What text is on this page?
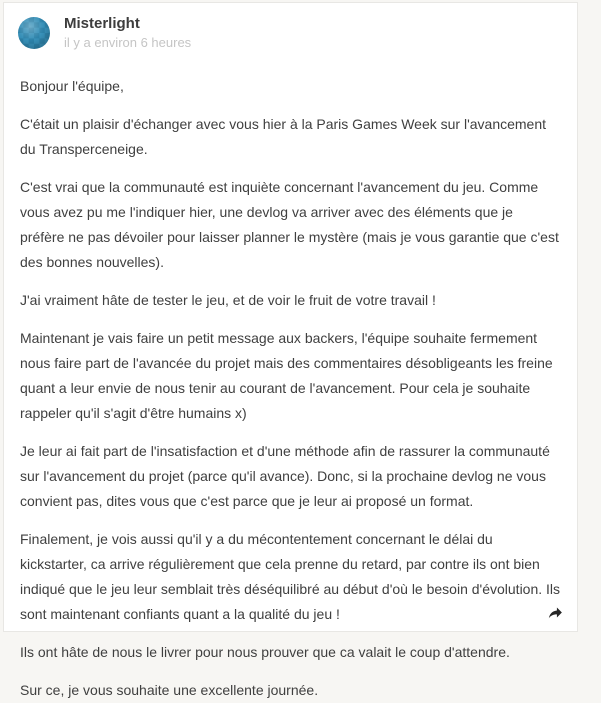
Misterlight
il y a environ 6 heures

Bonjour l'équipe,

C'était un plaisir d'échanger avec vous hier à la Paris Games Week sur l'avancement du Transperceneige.

C'est vrai que la communauté est inquiète concernant l'avancement du jeu. Comme vous avez pu me l'indiquer hier, une devlog va arriver avec des éléments que je préfère ne pas dévoiler pour laisser planner le mystère (mais je vous garantie que c'est des bonnes nouvelles).

J'ai vraiment hâte de tester le jeu, et de voir le fruit de votre travail !

Maintenant je vais faire un petit message aux backers, l'équipe souhaite fermement nous faire part de l'avancée du projet mais des commentaires désobligeants les freine quant a leur envie de nous tenir au courant de l'avancement. Pour cela je souhaite rappeler qu'il s'agit d'être humains x)

Je leur ai fait part de l'insatisfaction et d'une méthode afin de rassurer la communauté sur l'avancement du projet (parce qu'il avance). Donc, si la prochaine devlog ne vous convient pas, dites vous que c'est parce que je leur ai proposé un format.

Finalement, je vois aussi qu'il y a du mécontentement concernant le délai du kickstarter, ca arrive régulièrement que cela prenne du retard, par contre ils ont bien indiqué que le jeu leur semblait très déséquilibré au début d'où le besoin d'évolution. Ils sont maintenant confiants quant a la qualité du jeu !

Ils ont hâte de nous le livrer pour nous prouver que ca valait le coup d'attendre.

Sur ce, je vous souhaite une excellente journée.
